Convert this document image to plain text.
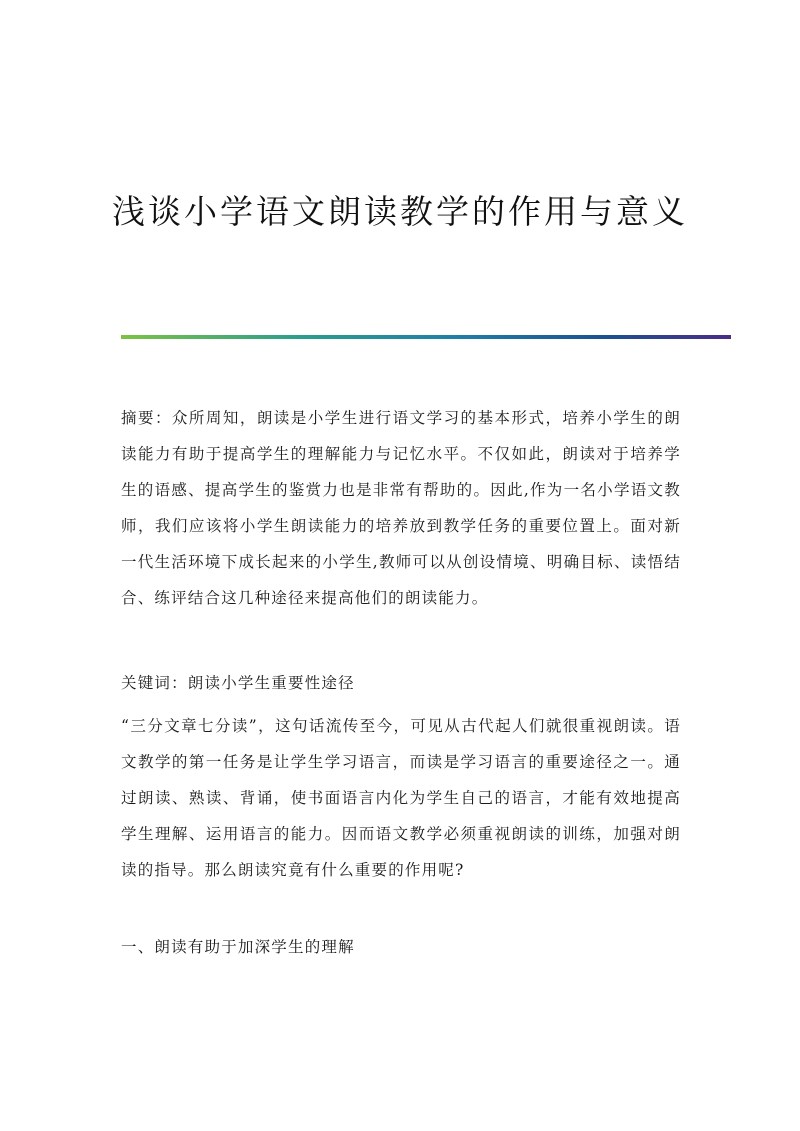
浅谈小学语文朗读教学的作用与意义

摘要：众所周知，朗读是小学生进行语文学习的基本形式，培养小学生的朗读能力有助于提高学生的理解能力与记忆水平。不仅如此，朗读对于培养学生的语感、提高学生的鉴赏力也是非常有帮助的。因此,作为一名小学语文教师，我们应该将小学生朗读能力的培养放到教学任务的重要位置上。面对新一代生活环境下成长起来的小学生,教师可以从创设情境、明确目标、读悟结合、练评结合这几种途径来提高他们的朗读能力。

关键词：朗读小学生重要性途径

“三分文章七分读”，这句话流传至今，可见从古代起人们就很重视朗读。语文教学的第一任务是让学生学习语言，而读是学习语言的重要途径之一。通过朗读、熟读、背诵，使书面语言内化为学生自己的语言，才能有效地提高学生理解、运用语言的能力。因而语文教学必须重视朗读的训练，加强对朗读的指导。那么朗读究竟有什么重要的作用呢?

一、朗读有助于加深学生的理解
